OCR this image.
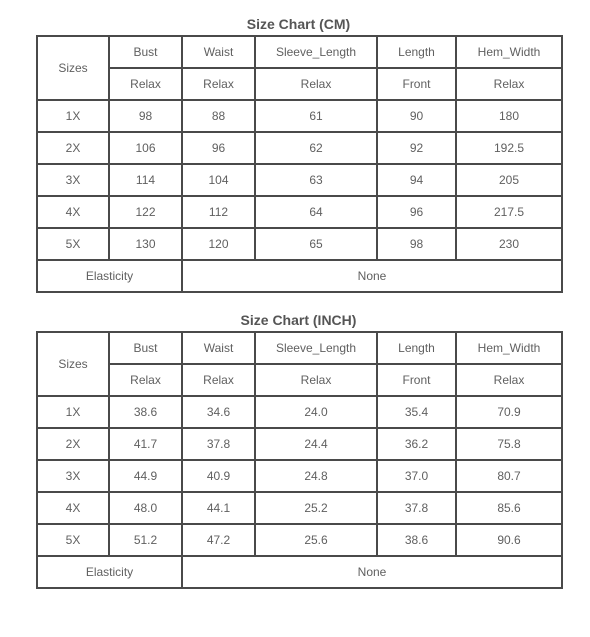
Size Chart (CM)
Sizes	Bust	Waist	Sleeve_Length	Length	Hem_Width
	Relax	Relax	Relax	Front	Relax
1X	98	88	61	90	180
2X	106	96	62	92	192.5
3X	114	104	63	94	205
4X	122	112	64	96	217.5
5X	130	120	65	98	230
Elasticity		None			
Size Chart (INCH)
Sizes	Bust	Waist	Sleeve_Length	Length	Hem_Width
	Relax	Relax	Relax	Front	Relax
1X	38.6	34.6	24.0	35.4	70.9
2X	41.7	37.8	24.4	36.2	75.8
3X	44.9	40.9	24.8	37.0	80.7
4X	48.0	44.1	25.2	37.8	85.6
5X	51.2	47.2	25.6	38.6	90.6
Elasticity		None			
